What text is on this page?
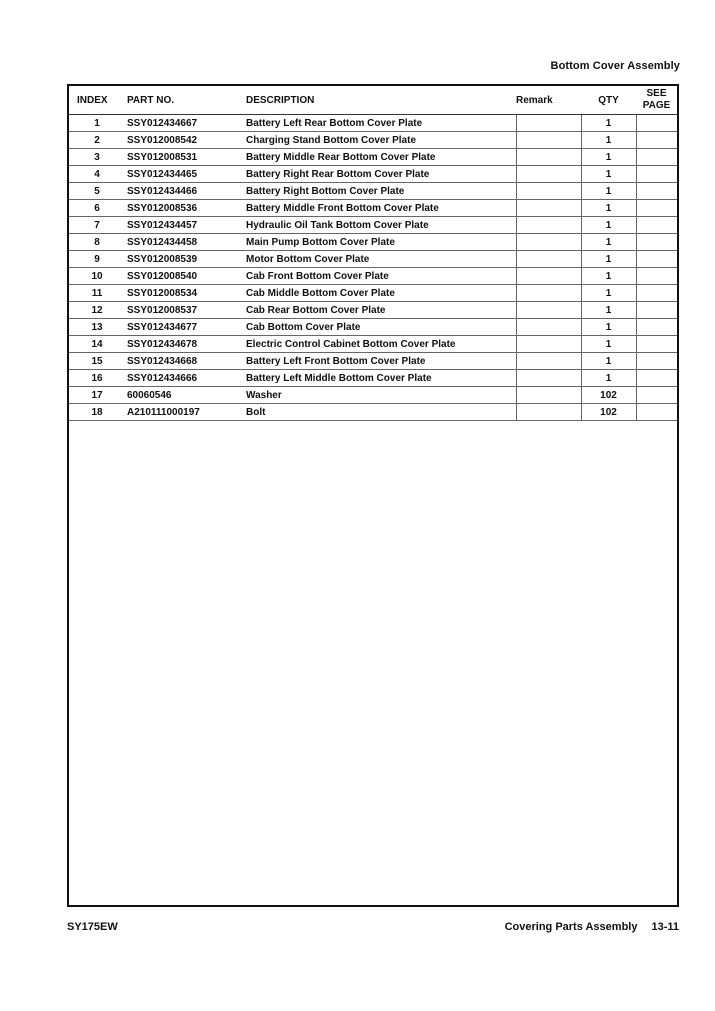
Bottom Cover Assembly
INDEX	PART NO.	DESCRIPTION	Remark	QTY	SEE
PAGE

1	SSY012434667	Battery Left Rear Bottom Cover Plate		1	
2	SSY012008542	Charging Stand Bottom Cover Plate		1	
3	SSY012008531	Battery Middle Rear Bottom Cover Plate		1	
4	SSY012434465	Battery Right Rear Bottom Cover Plate		1	
5	SSY012434466	Battery Right Bottom Cover Plate		1	
6	SSY012008536	Battery Middle Front Bottom Cover Plate		1	
7	SSY012434457	Hydraulic Oil Tank Bottom Cover Plate		1	
8	SSY012434458	Main Pump Bottom Cover Plate		1	
9	SSY012008539	Motor Bottom Cover Plate		1	
10	SSY012008540	Cab Front Bottom Cover Plate		1	
11	SSY012008534	Cab Middle Bottom Cover Plate		1	
12	SSY012008537	Cab Rear Bottom Cover Plate		1	
13	SSY012434677	Cab Bottom Cover Plate		1	
14	SSY012434678	Electric Control Cabinet Bottom Cover Plate		1	
15	SSY012434668	Battery Left Front Bottom Cover Plate		1	
16	SSY012434666	Battery Left Middle Bottom Cover Plate		1	
17	60060546	Washer		102	
18	A210111000197	Bolt		102	
SY175EW	Covering Parts Assembly 13-11
